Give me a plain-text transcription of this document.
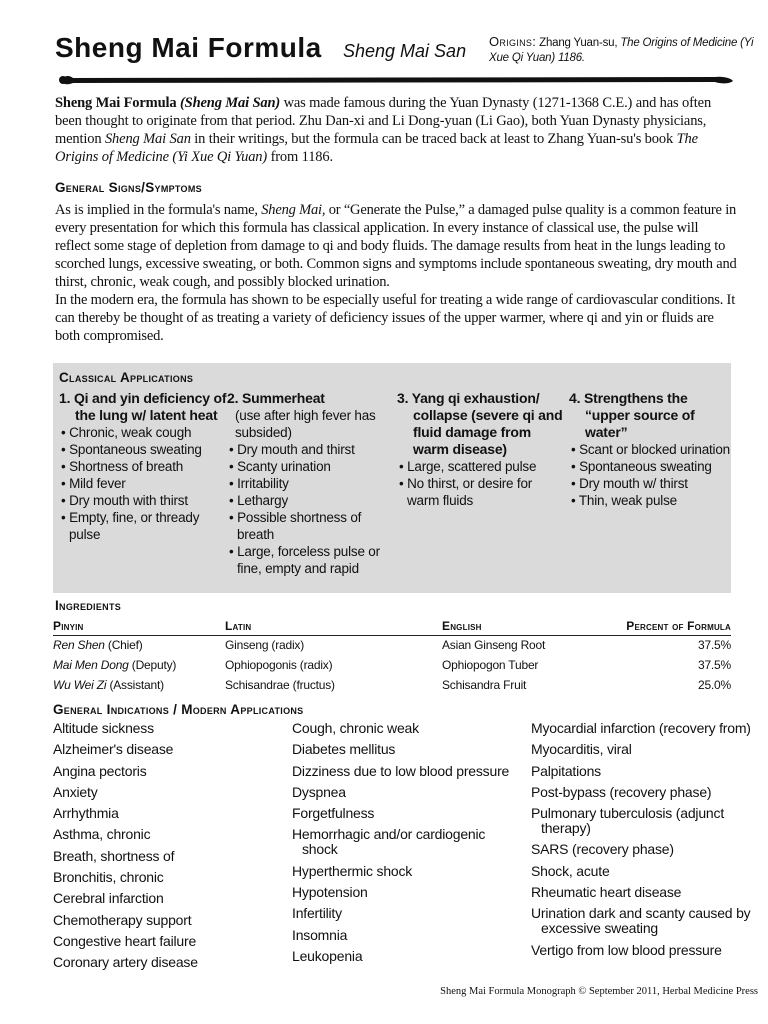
Sheng Mai Formula Sheng Mai San Origins: Zhang Yuan-su, The Origins of Medicine (Yi Xue Qi Yuan) 1186.

Sheng Mai Formula (Sheng Mai San) was made famous during the Yuan Dynasty (1271-1368 C.E.) and has often been thought to originate from that period. Zhu Dan-xi and Li Dong-yuan (Li Gao), both Yuan Dynasty physicians, mention Sheng Mai San in their writings, but the formula can be traced back at least to Zhang Yuan-su's book The Origins of Medicine (Yi Xue Qi Yuan) from 1186.

General Signs/Symptoms

As is implied in the formula's name, Sheng Mai, or “Generate the Pulse,” a damaged pulse quality is a common feature in every presentation for which this formula has classical application. In every instance of classical use, the pulse will reflect some stage of depletion from damage to qi and body fluids. The damage results from heat in the lungs leading to scorched lungs, excessive sweating, or both. Common signs and symptoms include spontaneous sweating, dry mouth and thirst, chronic, weak cough, and possibly blocked urination.

In the modern era, the formula has shown to be especially useful for treating a wide range of cardiovascular conditions. It can thereby be thought of as treating a variety of deficiency issues of the upper warmer, where qi and yin or fluids are both compromised.

Classical Applications
1. Qi and yin deficiency of the lung w/ latent heat
• Chronic, weak cough
• Spontaneous sweating
• Shortness of breath
• Mild fever
• Dry mouth with thirst
• Empty, fine, or thready pulse
2. Summerheat
(use after high fever has subsided)
• Dry mouth and thirst
• Scanty urination
• Irritability
• Lethargy
• Possible shortness of breath
• Large, forceless pulse or fine, empty and rapid
3. Yang qi exhaustion/ collapse (severe qi and fluid damage from warm disease)
• Large, scattered pulse
• No thirst, or desire for warm fluids
4. Strengthens the “upper source of water”
• Scant or blocked urination
• Spontaneous sweating
• Dry mouth w/ thirst
• Thin, weak pulse
Ingredients
Pinyin	Latin	English	Percent of Formula
Ren Shen (Chief)	Ginseng (radix)	Asian Ginseng Root	37.5%
Mai Men Dong (Deputy)	Ophiopogonis (radix)	Ophiopogon Tuber	37.5%
Wu Wei Zi (Assistant)	Schisandrae (fructus)	Schisandra Fruit	25.0%
General Indications / Modern Applications
Altitude sickness
Alzheimer's disease
Angina pectoris
Anxiety
Arrhythmia
Asthma, chronic
Breath, shortness of
Bronchitis, chronic
Cerebral infarction
Chemotherapy support
Congestive heart failure
Coronary artery disease
Cough, chronic weak
Diabetes mellitus
Dizziness due to low blood pressure
Dyspnea
Forgetfulness
Hemorrhagic and/or cardiogenic shock
Hyperthermic shock
Hypotension
Infertility
Insomnia
Leukopenia
Myocardial infarction (recovery from)
Myocarditis, viral
Palpitations
Post-bypass (recovery phase)
Pulmonary tuberculosis (adjunct therapy)
SARS (recovery phase)
Shock, acute
Rheumatic heart disease
Urination dark and scanty caused by excessive sweating
Vertigo from low blood pressure
Sheng Mai Formula Monograph © September 2011, Herbal Medicine Press
